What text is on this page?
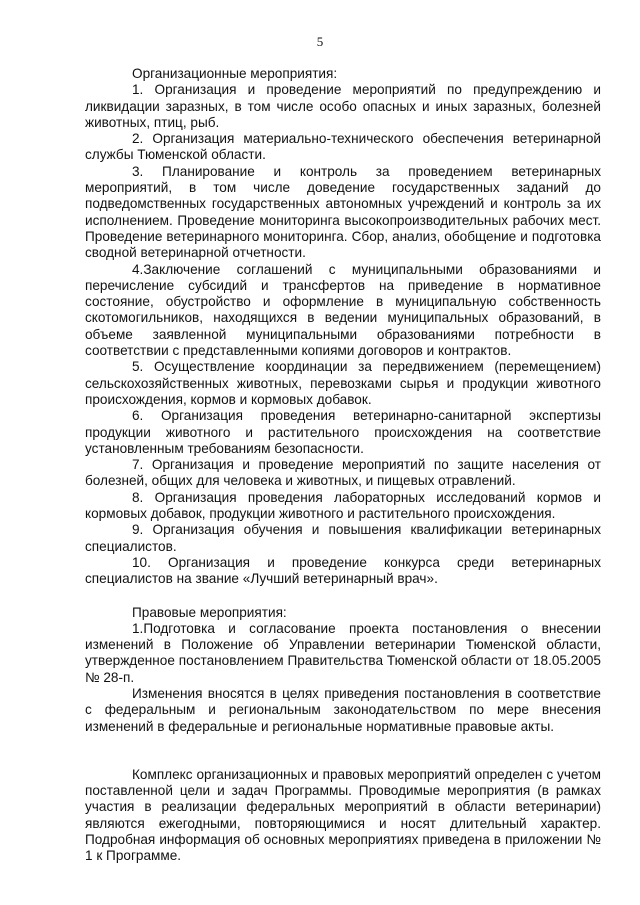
5
Организационные мероприятия:

1. Организация и проведение мероприятий по предупреждению и ликвидации заразных, в том числе особо опасных и иных заразных, болезней животных, птиц, рыб.

2. Организация материально-технического обеспечения ветеринарной службы Тюменской области.

3. Планирование и контроль за проведением ветеринарных мероприятий, в том числе доведение государственных заданий до подведомственных государственных автономных учреждений и контроль за их исполнением. Проведение мониторинга высокопроизводительных рабочих мест. Проведение ветеринарного мониторинга. Сбор, анализ, обобщение и подготовка сводной ветеринарной отчетности.

4.Заключение соглашений с муниципальными образованиями и перечисление субсидий и трансфертов на приведение в нормативное состояние, обустройство и оформление в муниципальную собственность скотомогильников, находящихся в ведении муниципальных образований, в объеме заявленной муниципальными образованиями потребности в соответствии с представленными копиями договоров и контрактов.

5. Осуществление координации за передвижением (перемещением) сельскохозяйственных животных, перевозками сырья и продукции животного происхождения, кормов и кормовых добавок.

6. Организация проведения ветеринарно-санитарной экспертизы продукции животного и растительного происхождения на соответствие установленным требованиям безопасности.

7. Организация и проведение мероприятий по защите населения от болезней, общих для человека и животных, и пищевых отравлений.

8. Организация проведения лабораторных исследований кормов и кормовых добавок, продукции животного и растительного происхождения.

9. Организация обучения и повышения квалификации ветеринарных специалистов.

10. Организация и проведение конкурса среди ветеринарных специалистов на звание «Лучший ветеринарный врач».

Правовые мероприятия:

1.Подготовка и согласование проекта постановления о внесении изменений в Положение об Управлении ветеринарии Тюменской области, утвержденное постановлением Правительства Тюменской области от 18.05.2005 № 28-п.

Изменения вносятся в целях приведения постановления в соответствие с федеральным и региональным законодательством по мере внесения изменений в федеральные и региональные нормативные правовые акты.

Комплекс организационных и правовых мероприятий определен с учетом поставленной цели и задач Программы. Проводимые мероприятия (в рамках участия в реализации федеральных мероприятий в области ветеринарии) являются ежегодными, повторяющимися и носят длительный характер. Подробная информация об основных мероприятиях приведена в приложении № 1 к Программе.
